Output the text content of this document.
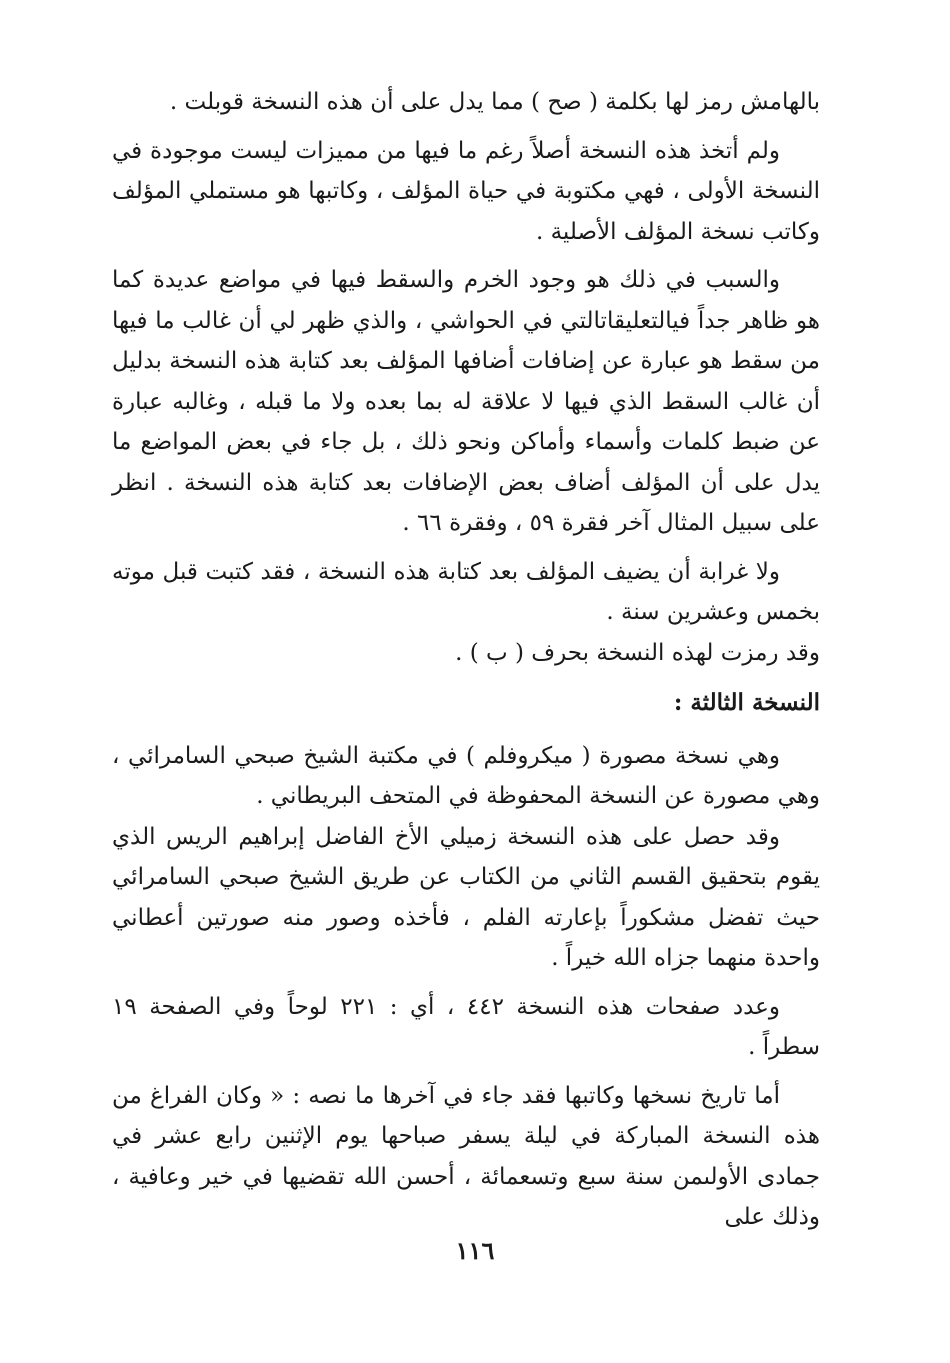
بالهامش رمز لها بكلمة ( صح ) مما يدل على أن هذه النسخة قوبلت .

ولم أتخذ هذه النسخة أصلاً رغم ما فيها من مميزات ليست موجودة في النسخة الأولى ، فهي مكتوبة في حياة المؤلف ، وكاتبها هو مستملي المؤلف وكاتب نسخة المؤلف الأصلية .

والسبب في ذلك هو وجود الخرم والسقط فيها في مواضع عديدة كما هو ظاهر جداً فيالتعليقاتالتي في الحواشي ، والذي ظهر لي أن غالب ما فيها من سقط هو عبارة عن إضافات أضافها المؤلف بعد كتابة هذه النسخة بدليل أن غالب السقط الذي فيها لا علاقة له بما بعده ولا ما قبله ، وغالبه عبارة عن ضبط كلمات وأسماء وأماكن ونحو ذلك ، بل جاء في بعض المواضع ما يدل على أن المؤلف أضاف بعض الإضافات بعد كتابة هذه النسخة . انظر على سبيل المثال آخر فقرة ٥٩ ، وفقرة ٦٦ .

ولا غرابة أن يضيف المؤلف بعد كتابة هذه النسخة ، فقد كتبت قبل موته بخمس وعشرين سنة .

وقد رمزت لهذه النسخة بحرف ( ب ) .

النسخة الثالثة :

وهي نسخة مصورة ( ميكروفلم ) في مكتبة الشيخ صبحي السامرائي ، وهي مصورة عن النسخة المحفوظة في المتحف البريطاني .

وقد حصل على هذه النسخة زميلي الأخ الفاضل إبراهيم الريس الذي يقوم بتحقيق القسم الثاني من الكتاب عن طريق الشيخ صبحي السامرائي حيث تفضل مشكوراً بإعارته الفلم ، فأخذه وصور منه صورتين أعطاني واحدة منهما جزاه الله خيراً .

وعدد صفحات هذه النسخة ٤٤٢ ، أي : ٢٢١ لوحاً وفي الصفحة ١٩ سطراً .

أما تاريخ نسخها وكاتبها فقد جاء في آخرها ما نصه : « وكان الفراغ من هذه النسخة المباركة في ليلة يسفر صباحها يوم الإثنين رابع عشر في جمادى الأولىمن سنة سبع وتسعمائة ، أحسن الله تقضيها في خير وعافية ، وذلك على

١١٦
